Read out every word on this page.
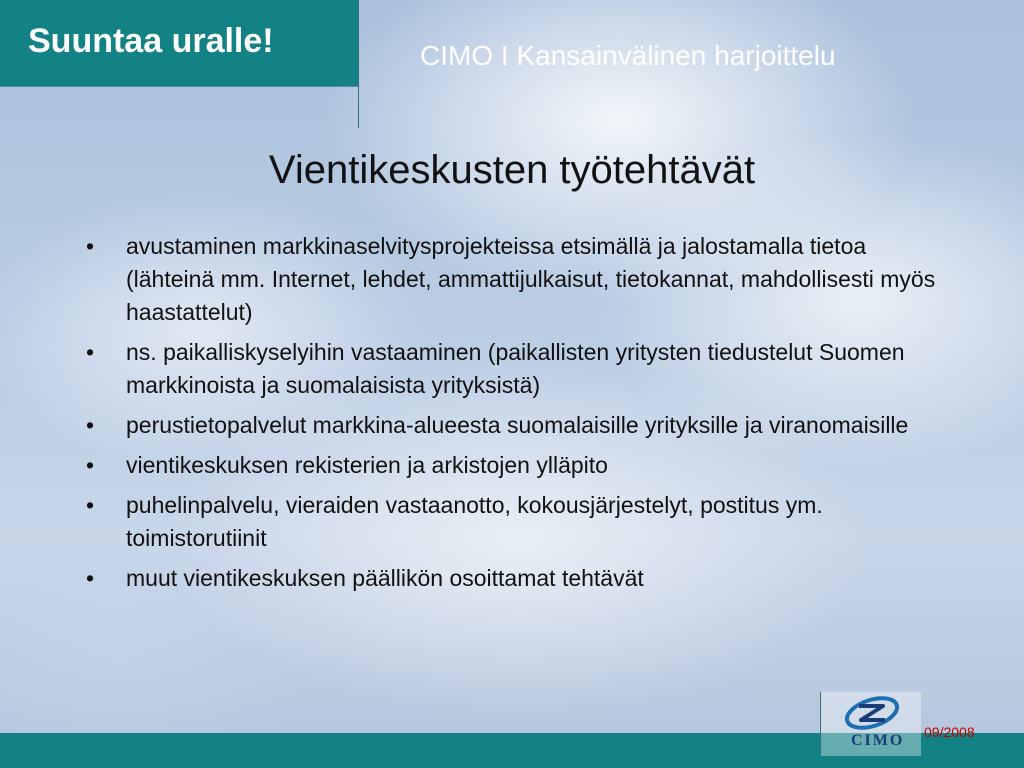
Suuntaa uralle!	CIMO I Kansainvälinen harjoittelu
Vientikeskusten työtehtävät
• avustaminen markkinaselvitysprojekteissa etsimällä ja jalostamalla tietoa (lähteinä mm. Internet, lehdet, ammattijulkaisut, tietokannat, mahdollisesti myös haastattelut)
• ns. paikalliskyselyihin vastaaminen (paikallisten yritysten tiedustelut Suomen markkinoista ja suomalaisista yrityksistä)
• perustietopalvelut markkina-alueesta suomalaisille yrityksille ja viranomaisille
• vientikeskuksen rekisterien ja arkistojen ylläpito
• puhelinpalvelu, vieraiden vastaanotto, kokousjärjestelyt, postitus ym. toimistorutiinit
• muut vientikeskuksen päällikön osoittamat tehtävät
CIMO 09/2008
